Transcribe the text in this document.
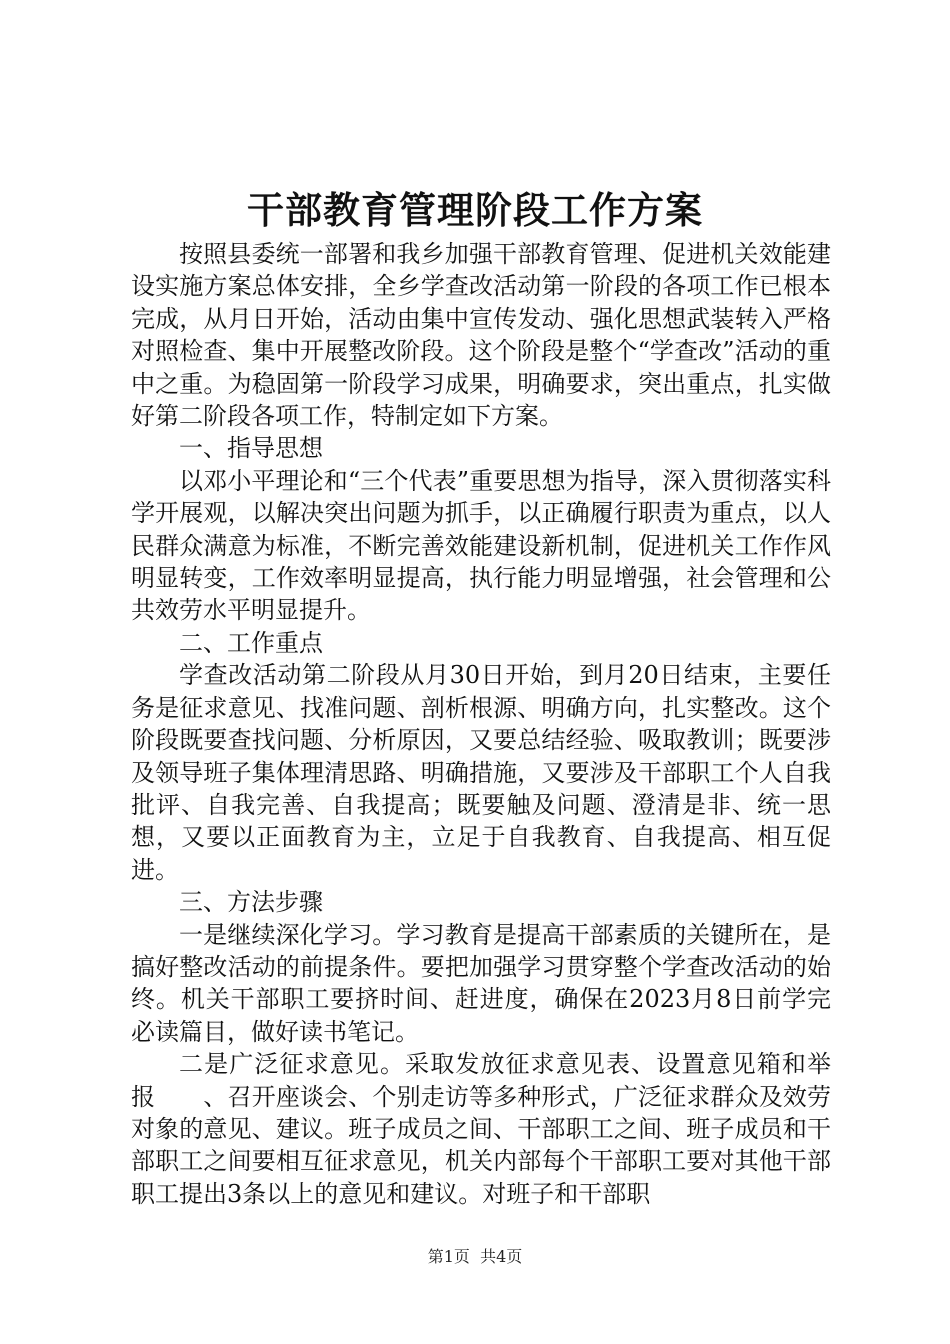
干部教育管理阶段工作方案

按照县委统一部署和我乡加强干部教育管理、促进机关效能建设实施方案总体安排，全乡学查改活动第一阶段的各项工作已根本完成，从月日开始，活动由集中宣传发动、强化思想武装转入严格对照检查、集中开展整改阶段。这个阶段是整个“学查改”活动的重中之重。为稳固第一阶段学习成果，明确要求，突出重点，扎实做好第二阶段各项工作，特制定如下方案。

一、指导思想

以邓小平理论和“三个代表”重要思想为指导，深入贯彻落实科学开展观，以解决突出问题为抓手，以正确履行职责为重点，以人民群众满意为标准，不断完善效能建设新机制，促进机关工作作风明显转变，工作效率明显提高，执行能力明显增强，社会管理和公共效劳水平明显提升。

二、工作重点

学查改活动第二阶段从月30日开始，到月20日结束，主要任务是征求意见、找准问题、剖析根源、明确方向，扎实整改。这个阶段既要查找问题、分析原因，又要总结经验、吸取教训；既要涉及领导班子集体理清思路、明确措施，又要涉及干部职工个人自我批评、自我完善、自我提高；既要触及问题、澄清是非、统一思想，又要以正面教育为主，立足于自我教育、自我提高、相互促进。

三、方法步骤

一是继续深化学习。学习教育是提高干部素质的关键所在，是搞好整改活动的前提条件。要把加强学习贯穿整个学查改活动的始终。机关干部职工要挤时间、赶进度，确保在2023月8日前学完必读篇目，做好读书笔记。

二是广泛征求意见。采取发放征求意见表、设置意见箱和举报　　、召开座谈会、个别走访等多种形式，广泛征求群众及效劳对象的意见、建议。班子成员之间、干部职工之间、班子成员和干部职工之间要相互征求意见，机关内部每个干部职工要对其他干部职工提出3条以上的意见和建议。对班子和干部职

第1页  共4页
